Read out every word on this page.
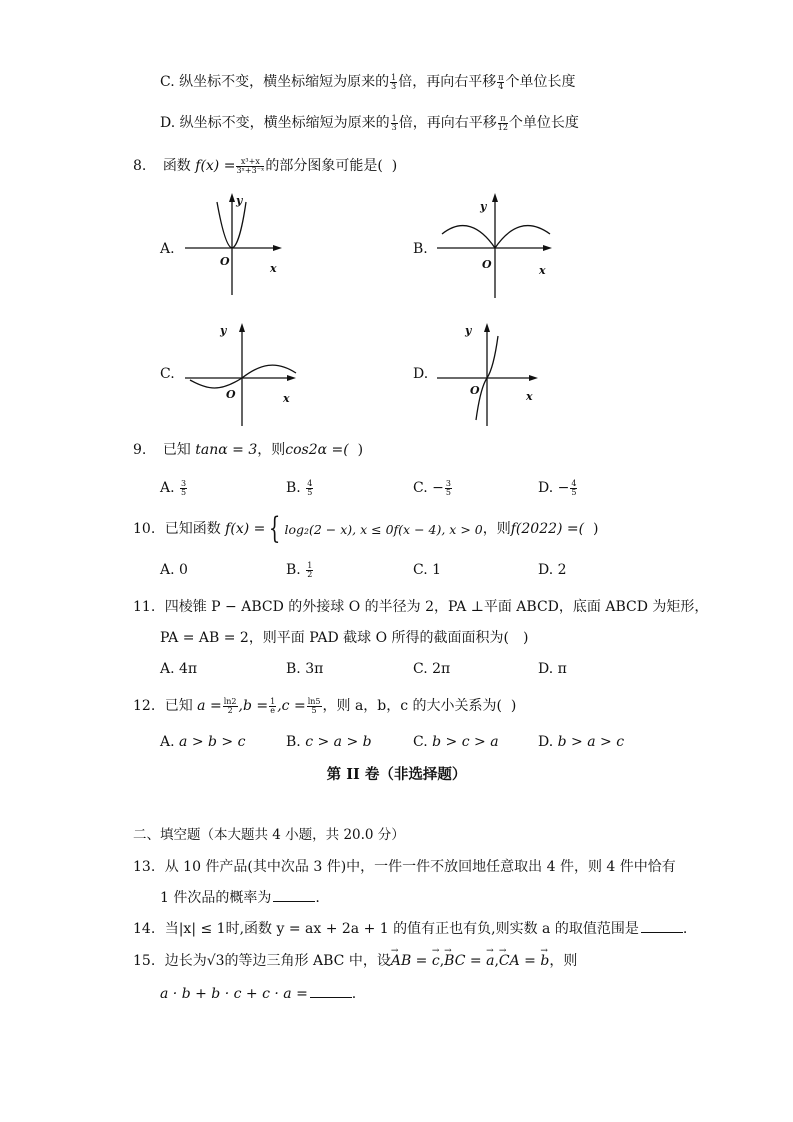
C. 纵坐标不变，横坐标缩短为原来的 $\frac{1}{3}$ 倍，再向右平移 $\frac{\pi}{4}$ 个单位长度
D. 纵坐标不变，横坐标缩短为原来的 $\frac{1}{3}$ 倍，再向右平移 $\frac{\pi}{12}$ 个单位长度
8. 函数 $f(x) = \frac{\text{x³+x}}{\text{3ˣ+3⁻ˣ}}$ 的部分图象可能是( )
A.
O
x
y
B.
O	x
y
C.
O	x
y
D.
O	x
y
9. 已知 tanα = 3，则cos2α =( )
A. $\frac{3}{5}$	B. $\frac{4}{5}$	C. − $\frac{3}{5}$	D. − $\frac{4}{5}$
10. 已知函数 f(x) = { log₂(2 − x), x ≤ 0f(x − 4), x > 0，则f(2022) =( )
A. 0	B. $\frac{1}{2}$	C. 1	D. 2
11. 四棱锥 P − ABCD 的外接球 O 的半径为 2，PA ⊥平面 ABCD，底面 ABCD 为矩形，
PA = AB = 2，则平面 PAD 截球 O 所得的截面面积为(　)
A. 4π	B. 3π	C. 2π	D. π
12. 已知 $a = \frac{\ln 2}{2} ,b = \frac{1}{e} ,c = \frac{\ln 5}{5}$ ，则 a，b，c 的大小关系为( )
A. a > b > c	B. c > a > b	C. b > c > a	D. b > a > c
第 II 卷（非选择题）
二、填空题（本大题共 4 小题，共 20.0 分）
13. 从 10 件产品(其中次品 3 件)中，一件一件不放回地任意取出 4 件，则 4 件中恰有
1 件次品的概率为	.
14. 当|x| ≤ 1时,函数 y = ax + 2a + 1 的值有正也有负,则实数 a 的取值范围是	.
15. 边长为√3的等边三角形 ABC 中，设AB → = c →,BC → = a →,CA → = b →，则
a · b + b · c + c · a =	.
